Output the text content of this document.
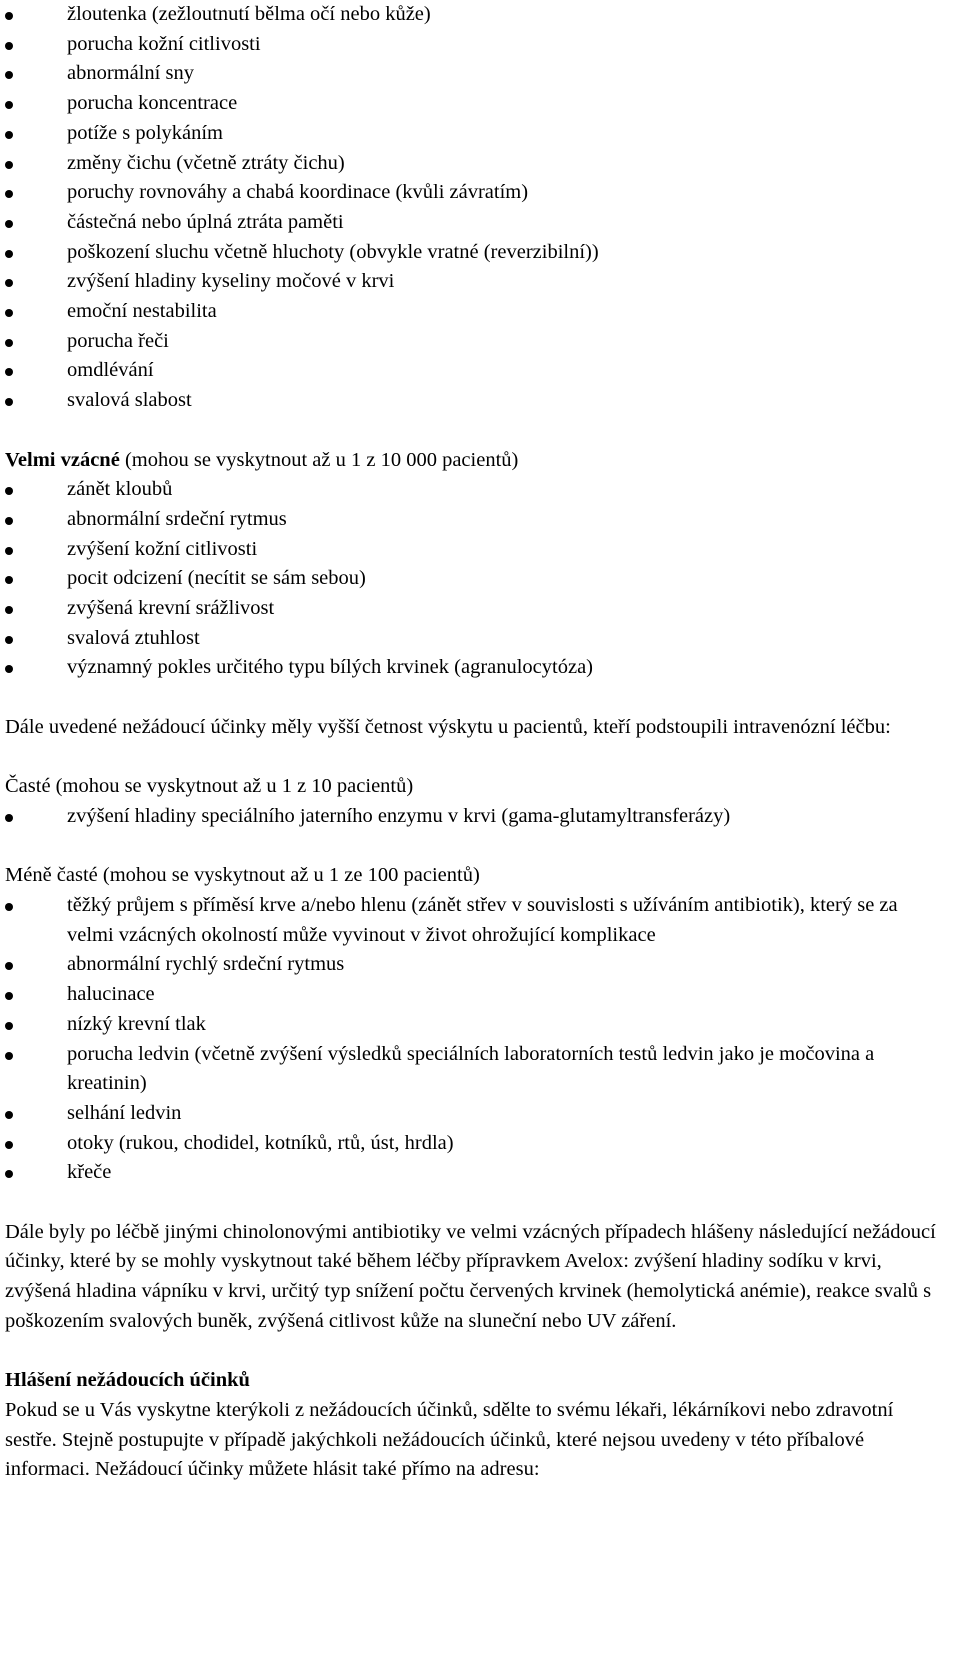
žloutenka (zežloutnutí bělma očí nebo kůže)
porucha kožní citlivosti
abnormální sny
porucha koncentrace
potíže s polykáním
změny čichu (včetně ztráty čichu)
poruchy rovnováhy a chabá koordinace (kvůli závratím)
částečná nebo úplná ztráta paměti
poškození sluchu včetně hluchoty (obvykle vratné (reverzibilní))
zvýšení hladiny kyseliny močové v krvi
emoční nestabilita
porucha řeči
omdlévání
svalová slabost

Velmi vzácné (mohou se vyskytnout až u 1 z 10 000 pacientů)

zánět kloubů
abnormální srdeční rytmus
zvýšení kožní citlivosti
pocit odcizení (necítit se sám sebou)
zvýšená krevní srážlivost
svalová ztuhlost
významný pokles určitého typu bílých krvinek (agranulocytóza)

Dále uvedené nežádoucí účinky měly vyšší četnost výskytu u pacientů, kteří podstoupili intravenózní léčbu:

Časté (mohou se vyskytnout až u 1 z 10 pacientů)

zvýšení hladiny speciálního jaterního enzymu v krvi (gama-glutamyltransferázy)

Méně časté (mohou se vyskytnout až u 1 ze 100 pacientů)

těžký průjem s příměsí krve a/nebo hlenu (zánět střev v souvislosti s užíváním antibiotik), který se za velmi vzácných okolností může vyvinout v život ohrožující komplikace
abnormální rychlý srdeční rytmus
halucinace
nízký krevní tlak
porucha ledvin (včetně zvýšení výsledků speciálních laboratorních testů ledvin jako je močovina a kreatinin)
selhání ledvin
otoky (rukou, chodidel, kotníků, rtů, úst, hrdla)
křeče

Dále byly po léčbě jinými chinolonovými antibiotiky ve velmi vzácných případech hlášeny následující nežádoucí účinky, které by se mohly vyskytnout také během léčby přípravkem Avelox: zvýšení hladiny sodíku v krvi, zvýšená hladina vápníku v krvi, určitý typ snížení počtu červených krvinek (hemolytická anémie), reakce svalů s poškozením svalových buněk, zvýšená citlivost kůže na sluneční nebo UV záření.

Hlášení nežádoucích účinků

Pokud se u Vás vyskytne kterýkoli z nežádoucích účinků, sdělte to svému lékaři, lékárníkovi nebo zdravotní sestře. Stejně postupujte v případě jakýchkoli nežádoucích účinků, které nejsou uvedeny v této příbalové informaci. Nežádoucí účinky můžete hlásit také přímo na adresu:
